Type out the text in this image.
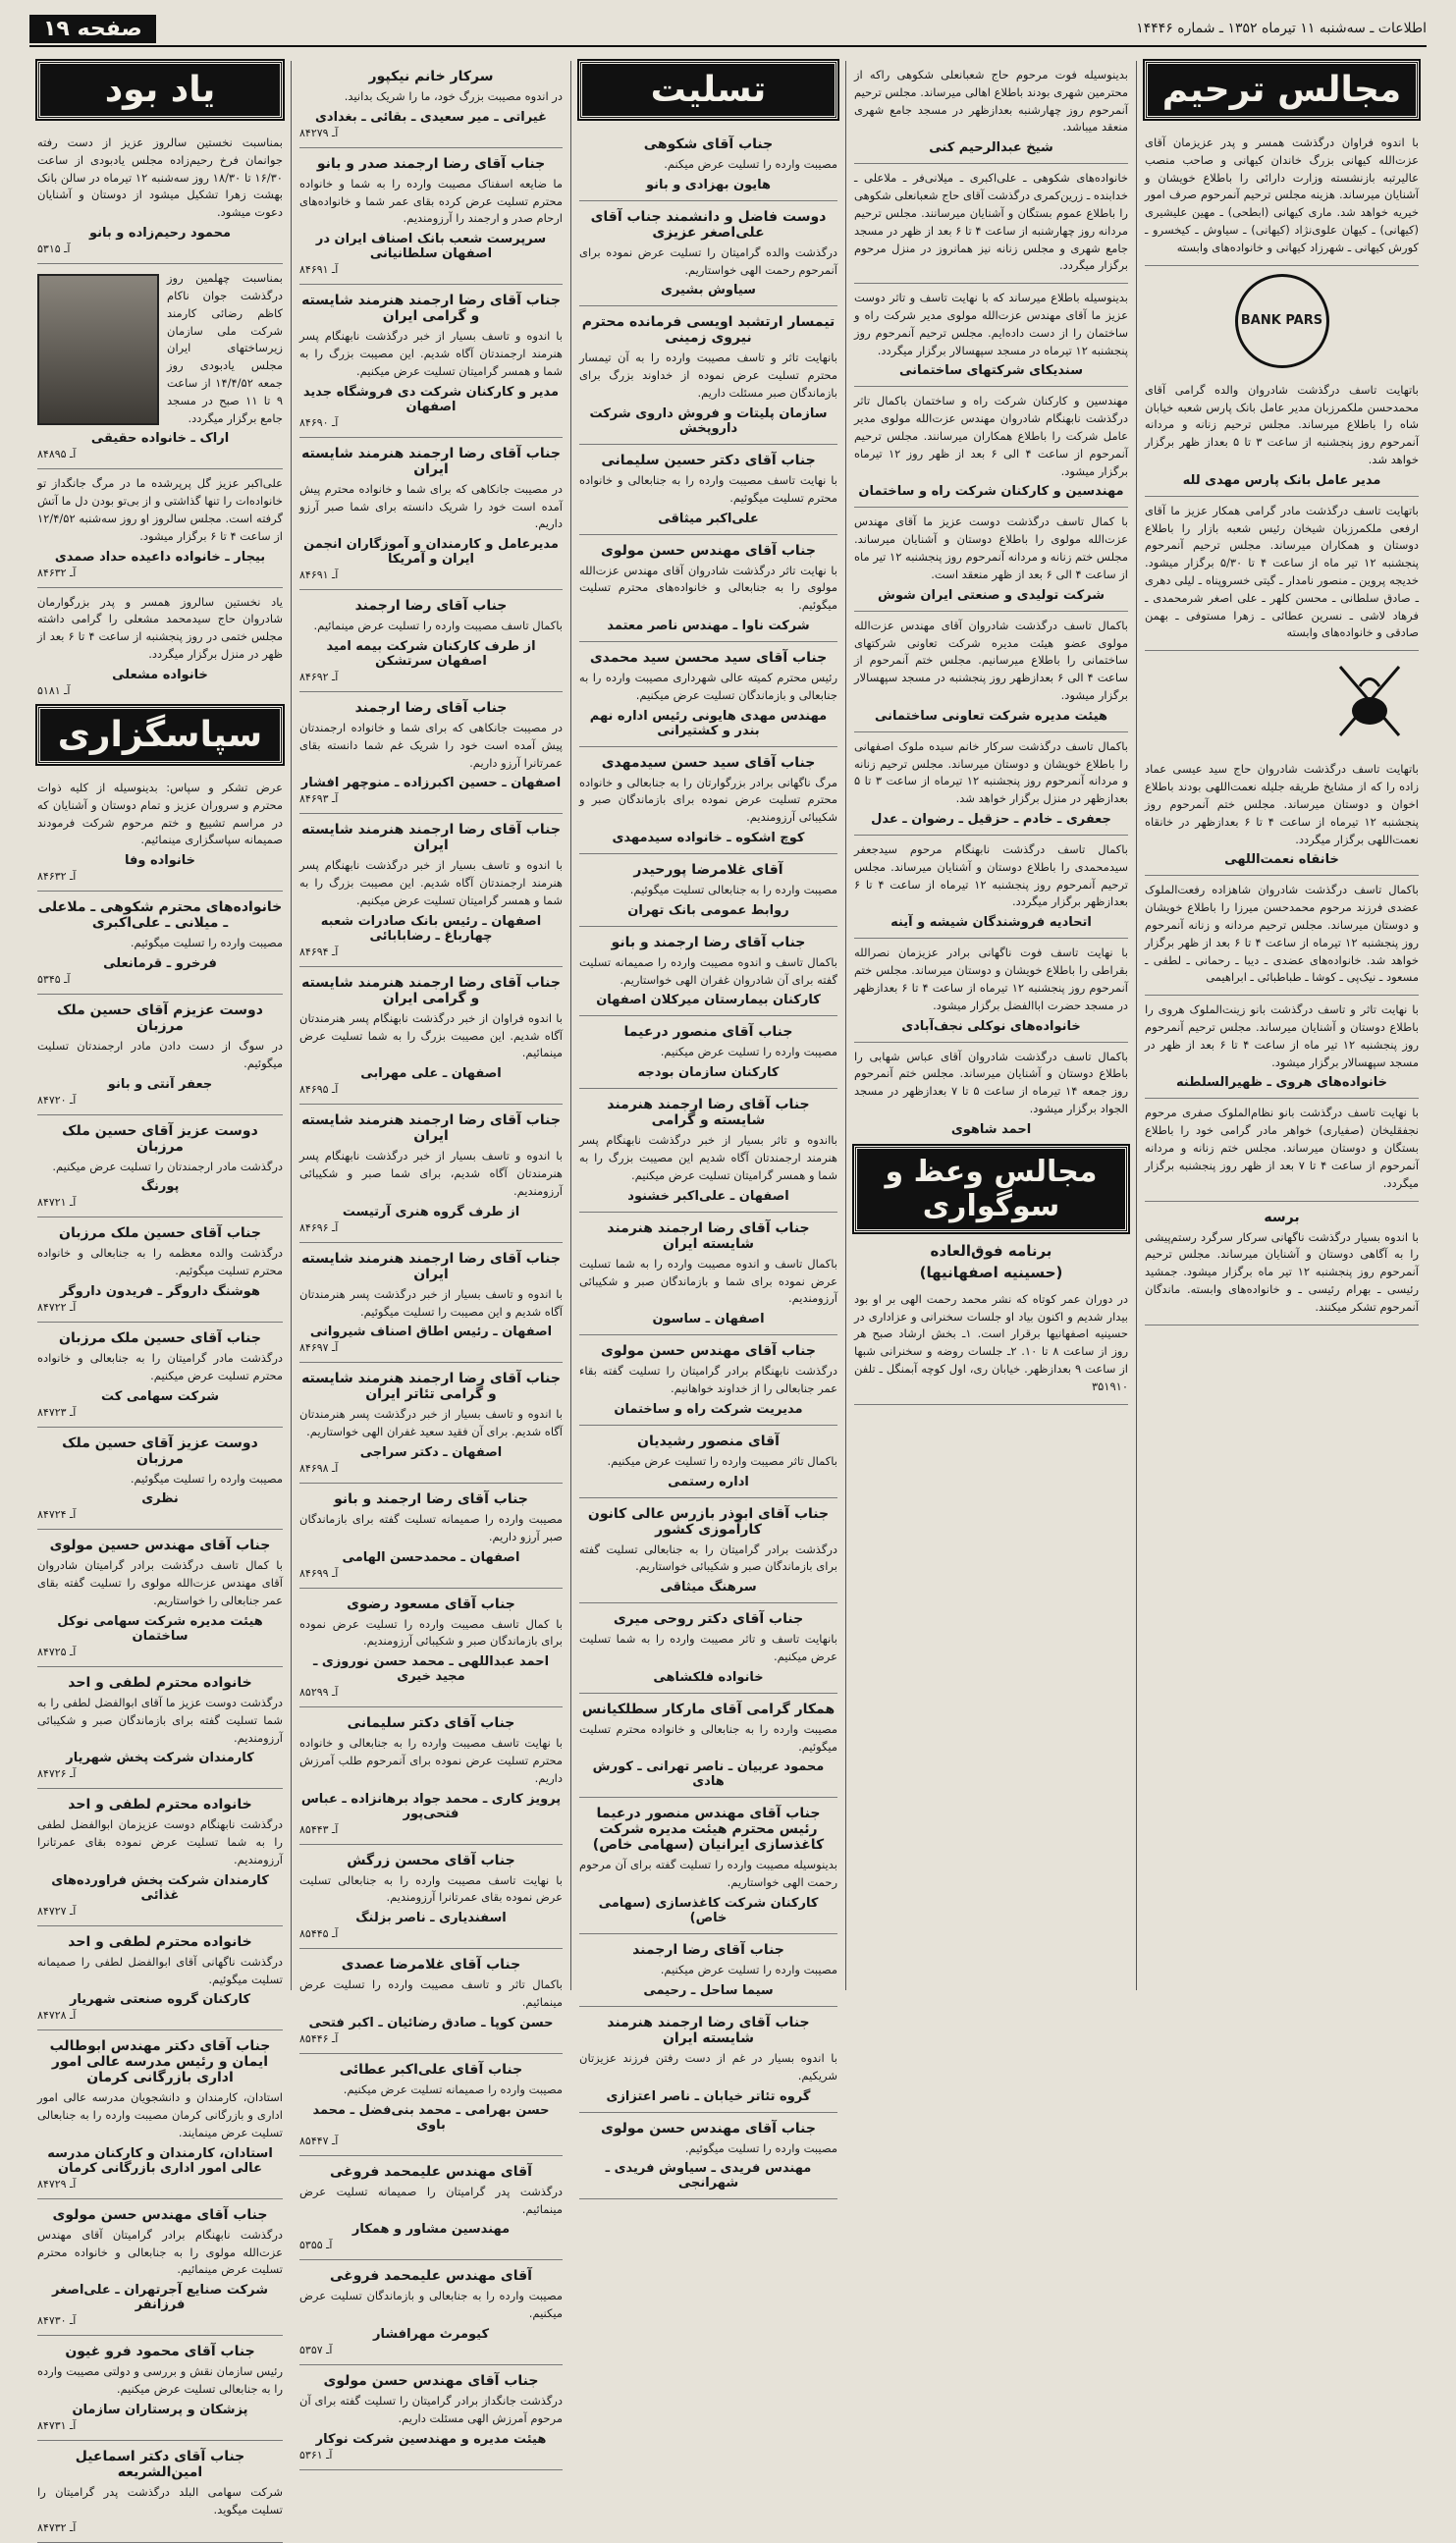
اطلاعات ـ سه‌شنبه ۱۱ تیرماه ۱۳۵۲ ـ شماره ۱۴۴۴۶
صفحه ۱۹
مجالس ترحیم
با اندوه فراوان درگذشت همسر و پدر عزیزمان آقای عزت‌الله کیهانی بزرگ خاندان کیهانی و صاحب منصب عالیرتبه بازنشسته وزارت دارائی را باطلاع خویشان و آشنایان میرساند. هزینه مجلس ترحیم آنمرحوم صرف امور خیریه خواهد شد. ماری کیهانی (ابطحی) ـ مهین علیشیری (کیهانی) ـ کیهان علوی‌نژاد (کیهانی) ـ سیاوش ـ کیخسرو ـ کورش کیهانی ـ شهرزاد کیهانی و خانواده‌های وابسته
BANK PARS
باتهایت تاسف درگذشت شادروان والده گرامی آقای محمدحسن ملکمرزبان مدیر عامل بانک پارس شعبه خیابان شاه را باطلاع میرساند. مجلس ترحیم زنانه و مردانه آنمرحوم روز پنجشنبه از ساعت ۳ تا ۵ بعداز ظهر برگزار خواهد شد.
مدیر عامل بانک پارس مهدی لله
باتهایت تاسف درگذشت مادر گرامی همکار عزیز ما آقای ارفعی ملکمرزبان شیخان رئیس شعبه بازار را باطلاع دوستان و همکاران میرساند. مجلس ترحیم آنمرحوم پنجشنبه ۱۲ تیر ماه از ساعت ۴ تا ۵/۳۰ برگزار میشود. خدیجه پروین ـ منصور نامدار ـ گیتی خسروپناه ـ لیلی دهری ـ صادق سلطانی ـ محسن کلهر ـ علی اصغر شرمحمدی ـ فرهاد لاشی ـ نسرین عطائی ـ زهرا مستوفی ـ بهمن صادقی و خانواده‌های وابسته
باتهایت تاسف درگذشت شادروان حاج سید عیسی عماد زاده را که از مشایخ طریقه جلیله نعمت‌اللهی بودند باطلاع اخوان و دوستان میرساند. مجلس ختم آنمرحوم روز پنجشنبه ۱۲ تیرماه از ساعت ۴ تا ۶ بعدازظهر در خانقاه نعمت‌اللهی برگزار میگردد.
خانقاه نعمت‌اللهی
باکمال تاسف درگذشت شادروان شاهزاده رفعت‌الملوک عضدی فرزند مرحوم محمدحسن میرزا را باطلاع خویشان و دوستان میرساند. مجلس ترحیم مردانه و زنانه آنمرحوم روز پنجشنبه ۱۲ تیرماه از ساعت ۴ تا ۶ بعد از ظهر برگزار خواهد شد. خانواده‌های عضدی ـ دیبا ـ رحمانی ـ لطفی ـ مسعود ـ نیک‌پی ـ کوشا ـ طباطبائی ـ ابراهیمی
با نهایت تاثر و تاسف درگذشت بانو زینت‌الملوک هروی را باطلاع دوستان و آشنایان میرساند. مجلس ترحیم آنمرحوم روز پنجشنبه ۱۲ تیر ماه از ساعت ۴ تا ۶ بعد از ظهر در مسجد سپهسالار برگزار میشود.
خانواده‌های هروی ـ ظهیرالسلطنه
با نهایت تاسف درگذشت بانو نظام‌الملوک صفری مرحوم نجفقلیخان (صفیاری) خواهر مادر گرامی خود را باطلاع بستگان و دوستان میرساند. مجلس ختم زنانه و مردانه آنمرحوم از ساعت ۴ تا ۷ بعد از ظهر روز پنجشنبه برگزار میگردد.
برسه
با اندوه بسیار درگذشت ناگهانی سرکار سرگرد رستم‌پیشی را به آگاهی دوستان و آشنایان میرساند. مجلس ترحیم آنمرحوم روز پنجشنبه ۱۲ تیر ماه برگزار میشود. جمشید رئیسی ـ بهرام رئیسی ـ و خانواده‌های وابسته. ماندگان آنمرحوم تشکر میکنند.
بدینوسیله فوت مرحوم حاج شعبانعلی شکوهی راکه از محترمین شهری بودند باطلاع اهالی میرساند. مجلس ترحیم آنمرحوم روز چهارشنبه بعدازظهر در مسجد جامع شهری منعقد میباشد.
شیخ عبدالرحیم کنی
خانواده‌های شکوهی ـ علی‌اکبری ـ میلانی‌فر ـ ملاعلی ـ خدابنده ـ زرین‌کمری درگذشت آقای حاج شعبانعلی شکوهی را باطلاع عموم بستگان و آشنایان میرسانند. مجلس ترحیم مردانه روز چهارشنبه از ساعت ۴ تا ۶ بعد از ظهر در مسجد جامع شهری و مجلس زنانه نیز همانروز در منزل مرحوم برگزار میگردد.
بدینوسیله باطلاع میرساند که با نهایت تاسف و تاثر دوست عزیز ما آقای مهندس عزت‌الله مولوی مدیر شرکت راه و ساختمان را از دست داده‌ایم. مجلس ترحیم آنمرحوم روز پنجشنبه ۱۲ تیرماه در مسجد سپهسالار برگزار میگردد.
سندیکای شرکتهای ساختمانی
مهندسین و کارکنان شرکت راه و ساختمان باکمال تاثر درگذشت نابهنگام شادروان مهندس عزت‌الله مولوی مدیر عامل شرکت را باطلاع همکاران میرسانند. مجلس ترحیم آنمرحوم از ساعت ۴ الی ۶ بعد از ظهر روز ۱۲ تیرماه برگزار میشود.
مهندسین و کارکنان شرکت راه و ساختمان
با کمال تاسف درگذشت دوست عزیز ما آقای مهندس عزت‌الله مولوی را باطلاع دوستان و آشنایان میرساند. مجلس ختم زنانه و مردانه آنمرحوم روز پنجشنبه ۱۲ تیر ماه از ساعت ۴ الی ۶ بعد از ظهر منعقد است.
شرکت تولیدی و صنعتی ایران شوش
باکمال تاسف درگذشت شادروان آقای مهندس عزت‌الله مولوی عضو هیئت مدیره شرکت تعاونی شرکتهای ساختمانی را باطلاع میرسانیم. مجلس ختم آنمرحوم از ساعت ۴ الی ۶ بعدازظهر روز پنجشنبه در مسجد سپهسالار برگزار میشود.
هیئت مدیره شرکت تعاونی ساختمانی
باکمال تاسف درگذشت سرکار خانم سیده ملوک اصفهانی را باطلاع خویشان و دوستان میرساند. مجلس ترحیم زنانه و مردانه آنمرحوم روز پنجشنبه ۱۲ تیرماه از ساعت ۳ تا ۵ بعدازظهر در منزل برگزار خواهد شد.
جعفری ـ خادم ـ حزقیل ـ رضوان ـ عدل
باکمال تاسف درگذشت نابهنگام مرحوم سیدجعفر سیدمحمدی را باطلاع دوستان و آشنایان میرساند. مجلس ترحیم آنمرحوم روز پنجشنبه ۱۲ تیرماه از ساعت ۴ تا ۶ بعدازظهر برگزار میگردد.
اتحادیه فروشندگان شیشه و آینه
با نهایت تاسف فوت ناگهانی برادر عزیزمان نصرالله بقراطی را باطلاع خویشان و دوستان میرساند. مجلس ختم آنمرحوم روز پنجشنبه ۱۲ تیرماه از ساعت ۴ تا ۶ بعدازظهر در مسجد حضرت اباالفضل برگزار میشود.
خانواده‌های نوکلی نجف‌آبادی
باکمال تاسف درگذشت شادروان آقای عباس شهابی را باطلاع دوستان و آشنایان میرساند. مجلس ختم آنمرحوم روز جمعه ۱۴ تیرماه از ساعت ۵ تا ۷ بعدازظهر در مسجد الجواد برگزار میشود.
احمد شاهوی
مجالس وعظ و سوگواری
برنامه فوق‌العاده
(حسینیه اصفهانیها)
در دوران عمر کوتاه که نشر محمد رحمت الهی بر او بود بیدار شدیم و اکنون بیاد او جلسات سخنرانی و عزاداری در حسینیه اصفهانیها برقرار است. ۱ـ بخش ارشاد صبح هر روز از ساعت ۸ تا ۱۰. ۲ـ جلسات روضه و سخنرانی شبها از ساعت ۹ بعدازظهر. خیابان ری، اول کوچه آبمنگل ـ تلفن ۳۵۱۹۱۰
تسلیت
جناب آقای شکوهی
مصیبت وارده را تسلیت عرض میکنم.
هایون بهزادی و بانو
دوست فاضل و دانشمند جناب آقای علی‌اصغر عزیزی
درگذشت والده گرامیتان را تسلیت عرض نموده برای آنمرحوم رحمت الهی خواستاریم.
سیاوش بشیری
تیمسار ارتشبد اویسی فرمانده محترم نیروی زمینی
بانهایت تاثر و تاسف مصیبت وارده را به آن تیمسار محترم تسلیت عرض نموده از خداوند بزرگ برای بازماندگان صبر مسئلت داریم.
سازمان پلیتات و فروش داروی شرکت داروپخش
جناب آقای دکتر حسین سلیمانی
با نهایت تاسف مصیبت وارده را به جنابعالی و خانواده محترم تسلیت میگوئیم.
علی‌اکبر میثاقی
جناب آقای مهندس حسن مولوی
با نهایت تاثر درگذشت شادروان آقای مهندس عزت‌الله مولوی را به جنابعالی و خانواده‌های محترم تسلیت میگوئیم.
شرکت ناوا ـ مهندس ناصر معتمد
جناب آقای سید محسن سید محمدی
رئیس محترم کمیته عالی شهرداری مصیبت وارده را به جنابعالی و بازماندگان تسلیت عرض میکنیم.
مهندس مهدی هایونی رئیس اداره نهم بندر و کشتیرانی
جناب آقای سید حسن سیدمهدی
مرگ ناگهانی برادر بزرگوارتان را به جنابعالی و خانواده محترم تسلیت عرض نموده برای بازماندگان صبر و شکیبائی آرزومندیم.
کوچ اشکوه ـ خانواده سیدمهدی
آقای غلامرضا پورحیدر
مصیبت وارده را به جنابعالی تسلیت میگوئیم.
روابط عمومی بانک تهران
جناب آقای رضا ارجمند و بانو
باکمال تاسف و اندوه مصیبت وارده را صمیمانه تسلیت گفته برای آن شادروان غفران الهی خواستاریم.
کارکنان بیمارستان میرکلان اصفهان
جناب آقای منصور درعیما
مصیبت وارده را تسلیت عرض میکنیم.
کارکنان سازمان بودجه
جناب آقای رضا ارجمند هنرمند شایسته و گرامی
بااندوه و تاثر بسیار از خبر درگذشت نابهنگام پسر هنرمند ارجمندتان آگاه شدیم این مصیبت بزرگ را به شما و همسر گرامیتان تسلیت عرض میکنیم.
اصفهان ـ علی‌اکبر خشنود
جناب آقای رضا ارجمند هنرمند شایسته ایران
باکمال تاسف و اندوه مصیبت وارده را به شما تسلیت عرض نموده برای شما و بازماندگان صبر و شکیبائی آرزومندیم.
اصفهان ـ ساسون
جناب آقای مهندس حسن مولوی
درگذشت نابهنگام برادر گرامیتان را تسلیت گفته بقاء عمر جنابعالی را از خداوند خواهانیم.
مدیریت شرکت راه و ساختمان
آقای منصور رشیدیان
باکمال تاثر مصیبت وارده را تسلیت عرض میکنیم.
اداره رستمی
جناب آقای ابوذر بازرس عالی کانون کارآموزی کشور
درگذشت برادر گرامیتان را به جنابعالی تسلیت گفته برای بازماندگان صبر و شکیبائی خواستاریم.
سرهنگ میثاقی
جناب آقای دکتر روحی میری
بانهایت تاسف و تاثر مصیبت وارده را به شما تسلیت عرض میکنیم.
خانواده فلکشاهی
همکار گرامی آقای مارکار سطلکیانس
مصیبت وارده را به جنابعالی و خانواده محترم تسلیت میگوئیم.
محمود عربیان ـ ناصر تهرانی ـ کورش هادی
جناب آقای مهندس منصور درعیما رئیس محترم هیئت مدیره شرکت کاغذسازی ایرانیان (سهامی خاص)
بدینوسیله مصیبت وارده را تسلیت گفته برای آن مرحوم رحمت الهی خواستاریم.
کارکنان شرکت کاغذسازی (سهامی خاص)
جناب آقای رضا ارجمند
مصیبت وارده را تسلیت عرض میکنیم.
سیما ساحل ـ رحیمی
جناب آقای رضا ارجمند هنرمند شایسته ایران
با اندوه بسیار در غم از دست رفتن فرزند عزیزتان شریکیم.
گروه تئاتر خیابان ـ ناصر اعتزازی
جناب آقای مهندس حسن مولوی
مصیبت وارده را تسلیت میگوئیم.
مهندس فریدی ـ سیاوش فریدی ـ شهرانجی
سرکار خانم نیکپور
در اندوه مصیبت بزرگ خود، ما را شریک بدانید.
غیراتی ـ میر سعیدی ـ بقائی ـ بغدادی
آـ ۸۴۲۷۹
جناب آقای رضا ارجمند صدر و بانو
ما ضایعه اسفناک مصیبت وارده را به شما و خانواده محترم تسلیت عرض کرده بقای عمر شما و خانواده‌های ارحام صدر و ارجمند را آرزومندیم.
سرپرست شعب بانک اصناف ایران در اصفهان سلطانیانی
آـ ۸۴۶۹۱
جناب آقای رضا ارجمند هنرمند شایسته و گرامی ایران
با اندوه و تاسف بسیار از خبر درگذشت نابهنگام پسر هنرمند ارجمندتان آگاه شدیم. این مصیبت بزرگ را به شما و همسر گرامیتان تسلیت عرض میکنیم.
مدیر و کارکنان شرکت دی فروشگاه جدید اصفهان
آـ ۸۴۶۹۰
جناب آقای رضا ارجمند هنرمند شایسته ایران
در مصیبت جانکاهی که برای شما و خانواده محترم پیش آمده است خود را شریک دانسته برای شما صبر آرزو داریم.
مدیرعامل و کارمندان و آموزگاران انجمن ایران و آمریکا
آـ ۸۴۶۹۱
جناب آقای رضا ارجمند
باکمال تاسف مصیبت وارده را تسلیت عرض مینمائیم.
از طرف کارکنان شرکت بیمه امید اصفهان سرتشکن
آـ ۸۴۶۹۲
جناب آقای رضا ارجمند
در مصیبت جانکاهی که برای شما و خانواده ارجمندتان پیش آمده است خود را شریک غم شما دانسته بقای عمرتانرا آرزو داریم.
اصفهان ـ حسین اکبرزاده ـ منوچهر افشار
آـ ۸۴۶۹۳
جناب آقای رضا ارجمند هنرمند شایسته ایران
با اندوه و تاسف بسیار از خبر درگذشت نابهنگام پسر هنرمند ارجمندتان آگاه شدیم. این مصیبت بزرگ را به شما و همسر گرامیتان تسلیت عرض میکنیم.
اصفهان ـ رئیس بانک صادرات شعبه چهارباغ ـ رضابابائی
آـ ۸۴۶۹۴
جناب آقای رضا ارجمند هنرمند شایسته و گرامی ایران
با اندوه فراوان از خبر درگذشت نابهنگام پسر هنرمندتان آگاه شدیم. این مصیبت بزرگ را به شما تسلیت عرض مینمائیم.
اصفهان ـ علی مهرابی
آـ ۸۴۶۹۵
جناب آقای رضا ارجمند هنرمند شایسته ایران
با اندوه و تاسف بسیار از خبر درگذشت نابهنگام پسر هنرمندتان آگاه شدیم، برای شما صبر و شکیبائی آرزومندیم.
از طرف گروه هنری آرتیست
آـ ۸۴۶۹۶
جناب آقای رضا ارجمند هنرمند شایسته ایران
با اندوه و تاسف بسیار از خبر درگذشت پسر هنرمندتان آگاه شدیم و این مصیبت را تسلیت میگوئیم.
اصفهان ـ رئیس اطاق اصناف شیروانی
آـ ۸۴۶۹۷
جناب آقای رضا ارجمند هنرمند شایسته و گرامی تئاتر ایران
با اندوه و تاسف بسیار از خبر درگذشت پسر هنرمندتان آگاه شدیم. برای آن فقید سعید غفران الهی خواستاریم.
اصفهان ـ دکتر سراجی
آـ ۸۴۶۹۸
جناب آقای رضا ارجمند و بانو
مصیبت وارده را صمیمانه تسلیت گفته برای بازماندگان صبر آرزو داریم.
اصفهان ـ محمدحسن الهامی
آـ ۸۴۶۹۹
جناب آقای مسعود رضوی
با کمال تاسف مصیبت وارده را تسلیت عرض نموده برای بازماندگان صبر و شکیبائی آرزومندیم.
احمد عبداللهی ـ محمد حسن نوروزی ـ مجید خیری
آـ ۸۵۲۹۹
جناب آقای دکتر سلیمانی
با نهایت تاسف مصیبت وارده را به جنابعالی و خانواده محترم تسلیت عرض نموده برای آنمرحوم طلب آمرزش داریم.
پرویز کاری ـ محمد جواد برهانزاده ـ عباس فتحی‌پور
آـ ۸۵۴۴۳
جناب آقای محسن زرگش
با نهایت تاسف مصیبت وارده را به جنابعالی تسلیت عرض نموده بقای عمرتانرا آرزومندیم.
اسفندیاری ـ ناصر بزلنگ
آـ ۸۵۴۴۵
جناب آقای غلامرضا عصدی
باکمال تاثر و تاسف مصیبت وارده را تسلیت عرض مینمائیم.
حسن کوپا ـ صادق رضائیان ـ اکبر فتحی
آـ ۸۵۴۴۶
جناب آقای علی‌اکبر عطائی
مصیبت وارده را صمیمانه تسلیت عرض میکنیم.
حسن بهرامی ـ محمد بنی‌فضل ـ محمد باوی
آـ ۸۵۴۴۷
آقای مهندس علیمحمد فروغی
درگذشت پدر گرامیتان را صمیمانه تسلیت عرض مینمائیم.
مهندسین مشاور و همکار
آـ ۵۳۵۵
آقای مهندس علیمحمد فروغی
مصیبت وارده را به جنابعالی و بازماندگان تسلیت عرض میکنیم.
کیومرث مهرافشار
آـ ۵۳۵۷
جناب آقای مهندس حسن مولوی
درگذشت جانگداز برادر گرامیتان را تسلیت گفته برای آن مرحوم آمرزش الهی مسئلت داریم.
هیئت مدیره و مهندسین شرکت نوکار
آـ ۵۳۶۱
یاد بود
بمناسبت نخستین سالروز عزیز از دست رفته جوانمان فرخ رحیم‌زاده مجلس یادبودی از ساعت ۱۶/۳۰ تا ۱۸/۳۰ روز سه‌شنبه ۱۲ تیرماه در سالن بانک بهشت زهرا تشکیل میشود از دوستان و آشنایان دعوت میشود.
محمود رحیم‌زاده و بانو
آـ ۵۳۱۵
بمناسبت چهلمین روز درگذشت جوان ناکام کاظم رضائی کارمند شرکت ملی سازمان زیرساختهای ایران مجلس یادبودی روز جمعه ۱۴/۴/۵۲ از ساعت ۹ تا ۱۱ صبح در مسجد جامع برگزار میگردد.
اراک ـ خانواده حقیقی
آـ ۸۴۸۹۵
علی‌اکبر عزیز گل پرپرشده ما در مرگ جانگداز تو خانواده‌ات را تنها گذاشتی و از بی‌تو بودن دل ما آتش گرفته است. مجلس سالروز او روز سه‌شنبه ۱۲/۴/۵۲ از ساعت ۴ تا ۶ برگزار میشود.
بیجار ـ خانواده داعیده حداد صمدی
آـ ۸۴۶۳۲
یاد نخستین سالروز همسر و پدر بزرگوارمان شادروان حاج سیدمحمد مشعلی را گرامی داشته مجلس ختمی در روز پنجشنبه از ساعت ۴ تا ۶ بعد از ظهر در منزل برگزار میگردد.
خانواده مشعلی
آـ ۵۱۸۱
سپاسگزاری
عرض تشکر و سپاس: بدینوسیله از کلیه ذوات محترم و سروران عزیز و تمام دوستان و آشنایان که در مراسم تشییع و ختم مرحوم شرکت فرمودند صمیمانه سپاسگزاری مینمائیم.
خانواده وفا
آـ ۸۴۶۳۲
خانواده‌های محترم شکوهی ـ ملاعلی ـ میلانی ـ علی‌اکبری
مصیبت وارده را تسلیت میگوئیم.
فرخرو ـ قرمانعلی
آـ ۵۳۴۵
دوست عزیزم آقای حسین ملک مرزبان
در سوگ از دست دادن مادر ارجمندتان تسلیت میگوئیم.
جعفر آنتی و بانو
آـ ۸۴۷۲۰
دوست عزیز آقای حسین ملک مرزبان
درگذشت مادر ارجمندتان را تسلیت عرض میکنیم.
پورنگ
آـ ۸۴۷۲۱
جناب آقای حسین ملک مرزبان
درگذشت والده معظمه را به جنابعالی و خانواده محترم تسلیت میگوئیم.
هوشنگ داروگر ـ فریدون داروگر
آـ ۸۴۷۲۲
جناب آقای حسین ملک مرزبان
درگذشت مادر گرامیتان را به جنابعالی و خانواده محترم تسلیت عرض میکنیم.
شرکت سهامی کت
آـ ۸۴۷۲۳
دوست عزیز آقای حسین ملک مرزبان
مصیبت وارده را تسلیت میگوئیم.
نظری
آـ ۸۴۷۲۴
جناب آقای مهندس حسین مولوی
با کمال تاسف درگذشت برادر گرامیتان شادروان آقای مهندس عزت‌الله مولوی را تسلیت گفته بقای عمر جنابعالی را خواستاریم.
هیئت مدیره شرکت سهامی نوکل ساختمان
آـ ۸۴۷۲۵
خانواده محترم لطفی و احد
درگذشت دوست عزیز ما آقای ابوالفضل لطفی را به شما تسلیت گفته برای بازماندگان صبر و شکیبائی آرزومندیم.
کارمندان شرکت پخش شهریار
آـ ۸۴۷۲۶
خانواده محترم لطفی و احد
درگذشت نابهنگام دوست عزیزمان ابوالفضل لطفی را به شما تسلیت عرض نموده بقای عمرتانرا آرزومندیم.
کارمندان شرکت پخش فراورده‌های غذائی
آـ ۸۴۷۲۷
خانواده محترم لطفی و احد
درگذشت ناگهانی آقای ابوالفضل لطفی را صمیمانه تسلیت میگوئیم.
کارکنان گروه صنعتی شهریار
آـ ۸۴۷۲۸
جناب آقای دکتر مهندس ابوطالب ایمان و رئیس مدرسه عالی امور اداری بازرگانی کرمان
استادان، کارمندان و دانشجویان مدرسه عالی امور اداری و بازرگانی کرمان مصیبت وارده را به جنابعالی تسلیت عرض مینمایند.
استادان، کارمندان و کارکنان مدرسه عالی امور اداری بازرگانی کرمان
آـ ۸۴۷۲۹
جناب آقای مهندس حسن مولوی
درگذشت نابهنگام برادر گرامیتان آقای مهندس عزت‌الله مولوی را به جنابعالی و خانواده محترم تسلیت عرض مینمائیم.
شرکت صنایع آجرتهران ـ علی‌اصغر فرزانفر
آـ ۸۴۷۳۰
جناب آقای محمود فرو غیون
رئیس سازمان نقش و بررسی و دولتی مصیبت وارده را به جنابعالی تسلیت عرض میکنیم.
پزشکان و پرستاران سازمان
آـ ۸۴۷۳۱
جناب آقای دکتر اسماعیل امین‌الشریعه
شرکت سهامی البلد درگذشت پدر گرامیتان را تسلیت میگوید.
آـ ۸۴۷۳۲
